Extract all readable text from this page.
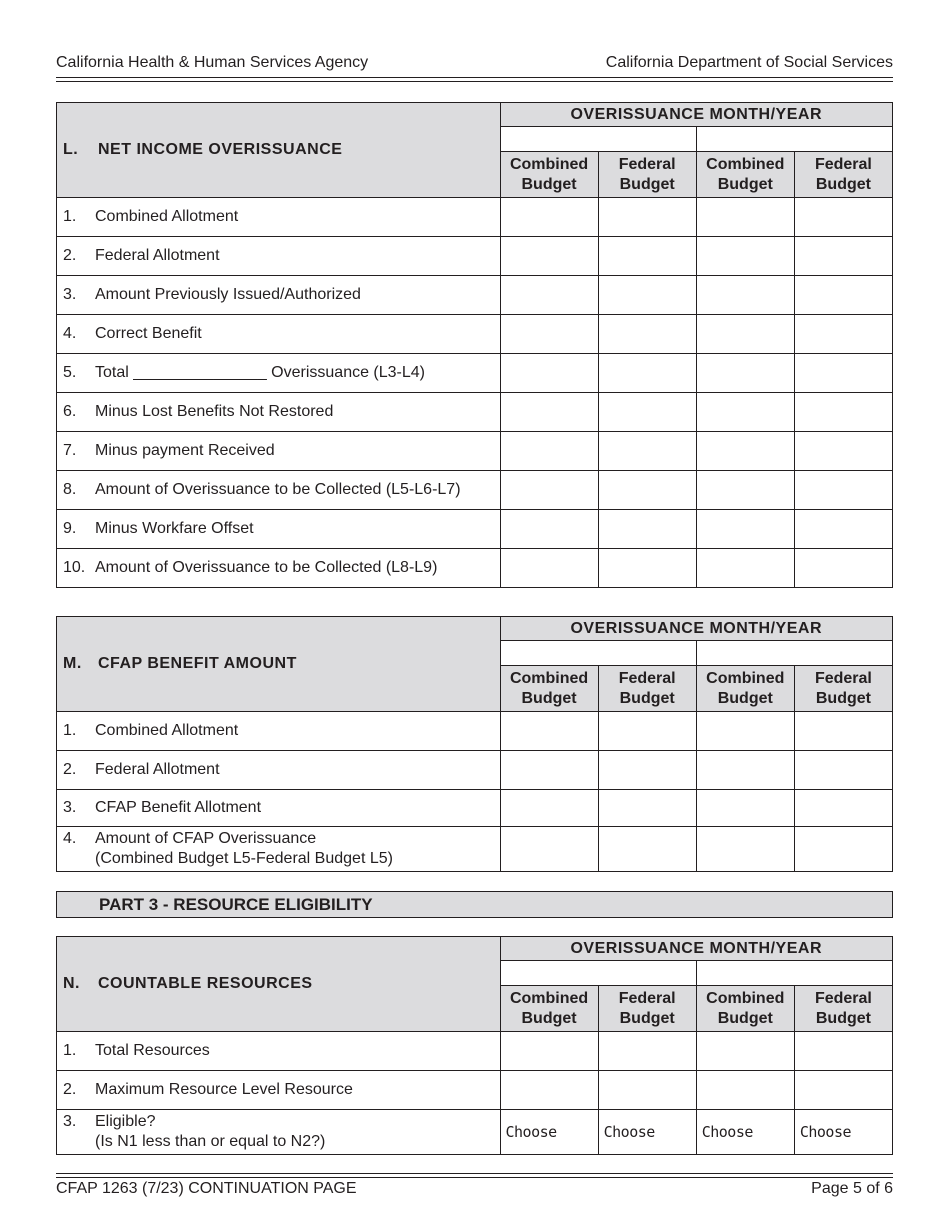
California Health & Human Services Agency	California Department of Social Services
L. NET INCOME OVERISSUANCE	OVERISSUANCE MONTH/YEAR			

	Combined Budget	Federal Budget	Combined Budget	Federal Budget
1. Combined Allotment				
2. Federal Allotment				
3. Amount Previously Issued/Authorized				
4. Correct Benefit				
5. Total _______________ Overissuance (L3-L4)				
6. Minus Lost Benefits Not Restored				
7. Minus payment Received				
8. Amount of Overissuance to be Collected (L5-L6-L7)				
9. Minus Workfare Offset				
10. Amount of Overissuance to be Collected (L8-L9)				
M. CFAP BENEFIT AMOUNT	OVERISSUANCE MONTH/YEAR			

	Combined Budget	Federal Budget	Combined Budget	Federal Budget
1. Combined Allotment				
2. Federal Allotment				
3. CFAP Benefit Allotment				
4. Amount of CFAP Overissuance
(Combined Budget L5-Federal Budget L5)				
PART 3 - RESOURCE ELIGIBILITY
N. COUNTABLE RESOURCES	OVERISSUANCE MONTH/YEAR			

	Combined Budget	Federal Budget	Combined Budget	Federal Budget
1. Total Resources				
2. Maximum Resource Level Resource				
3. Eligible?
(Is N1 less than or equal to N2?)	Choose	Choose	Choose	Choose
CFAP 1263 (7/23) CONTINUATION PAGE	Page 5 of 6
